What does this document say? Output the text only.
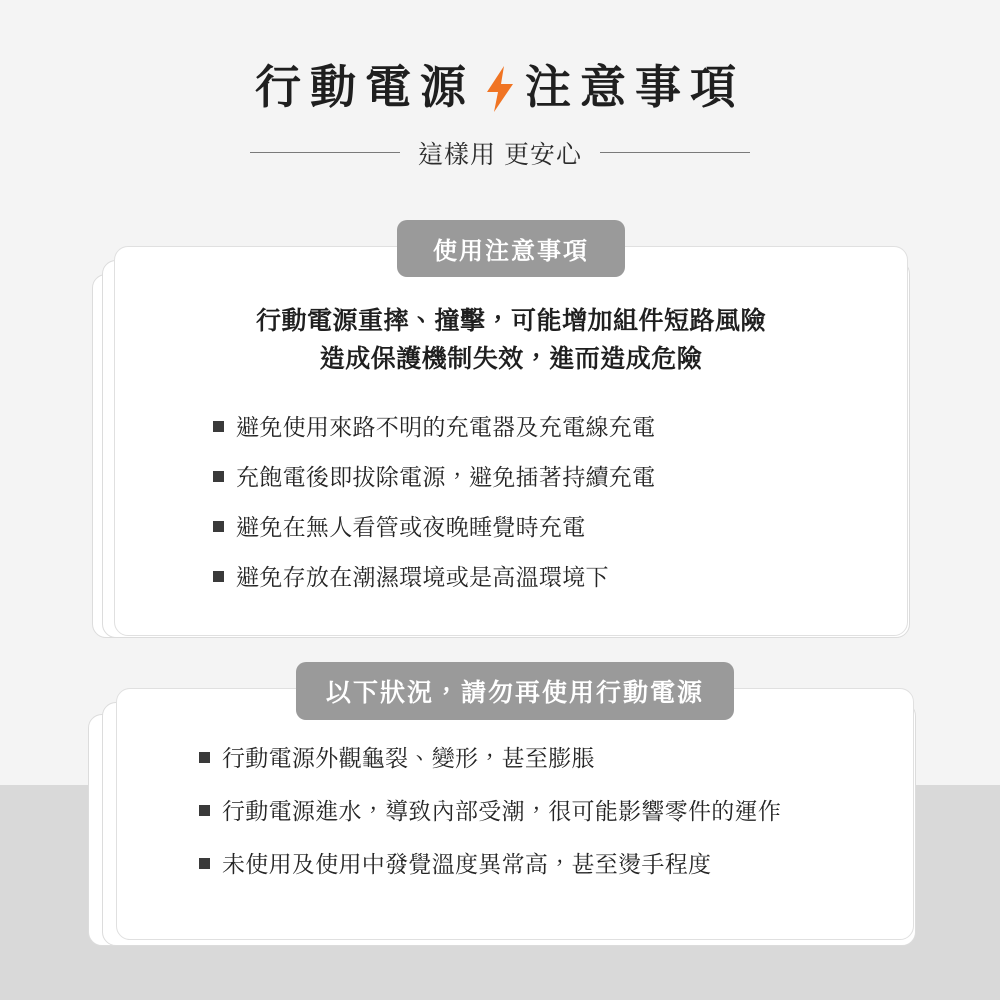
行動電源 注意事項
這樣用 更安心
使用注意事項
行動電源重摔、撞擊，可能增加組件短路風險
造成保護機制失效，進而造成危險
避免使用來路不明的充電器及充電線充電
充飽電後即拔除電源，避免插著持續充電
避免在無人看管或夜晚睡覺時充電
避免存放在潮濕環境或是高溫環境下
以下狀況，請勿再使用行動電源
行動電源外觀龜裂、變形，甚至膨脹
行動電源進水，導致內部受潮，很可能影響零件的運作
未使用及使用中發覺溫度異常高，甚至燙手程度
